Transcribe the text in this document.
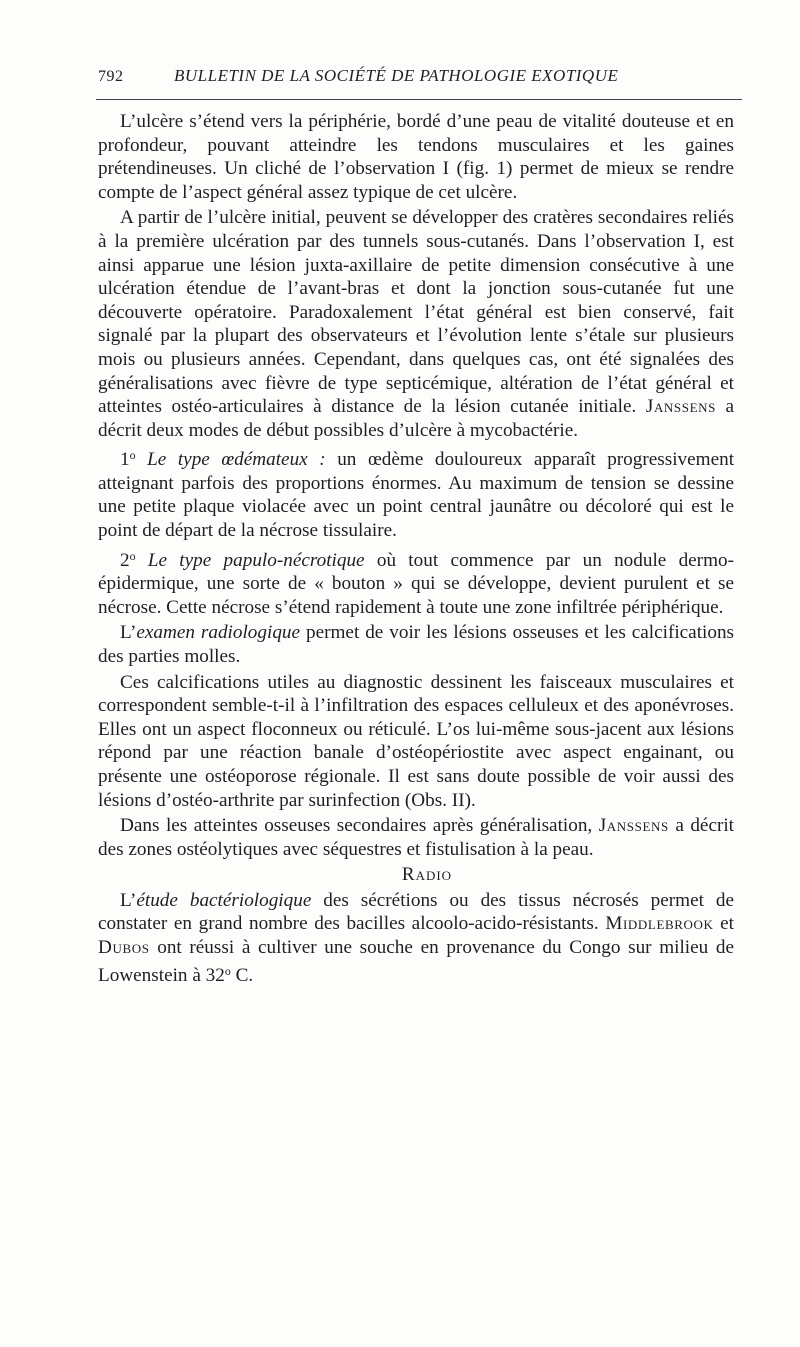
792	BULLETIN DE LA SOCIÉTÉ DE PATHOLOGIE EXOTIQUE

L’ulcère s’étend vers la périphérie, bordé d’une peau de vitalité douteuse et en profondeur, pouvant atteindre les tendons musculaires et les gaines prétendineuses. Un cliché de l’observation I (fig. 1) permet de mieux se rendre compte de l’aspect général assez typique de cet ulcère.

A partir de l’ulcère initial, peuvent se développer des cratères secondaires reliés à la première ulcération par des tunnels sous-cutanés. Dans l’observation I, est ainsi apparue une lésion juxta-axillaire de petite dimension consécutive à une ulcération étendue de l’avant-bras et dont la jonction sous-cutanée fut une découverte opératoire. Paradoxalement l’état général est bien conservé, fait signalé par la plupart des observateurs et l’évolution lente s’étale sur plusieurs mois ou plusieurs années. Cependant, dans quelques cas, ont été signalées des généralisations avec fièvre de type septicémique, altération de l’état général et atteintes ostéo-articulaires à distance de la lésion cutanée initiale. Janssens a décrit deux modes de début possibles d’ulcère à mycobactérie.

1$^o$ Le type œdémateux : un œdème douloureux apparaît progressivement atteignant parfois des proportions énormes. Au maximum de tension se dessine une petite plaque violacée avec un point central jaunâtre ou décoloré qui est le point de départ de la nécrose tissulaire.

2$^o$ Le type papulo-nécrotique où tout commence par un nodule dermo-épidermique, une sorte de « bouton » qui se développe, devient purulent et se nécrose. Cette nécrose s’étend rapidement à toute une zone infiltrée périphérique.

L’examen radiologique permet de voir les lésions osseuses et les calcifications des parties molles.

Ces calcifications utiles au diagnostic dessinent les faisceaux musculaires et correspondent semble-t-il à l’infiltration des espaces celluleux et des aponévroses. Elles ont un aspect floconneux ou réticulé. L’os lui-même sous-jacent aux lésions répond par une réaction banale d’ostéopériostite avec aspect engainant, ou présente une ostéoporose régionale. Il est sans doute possible de voir aussi des lésions d’ostéo-arthrite par surinfection (Obs. II).

Dans les atteintes osseuses secondaires après généralisation, Janssens a décrit des zones ostéolytiques avec séquestres et fistulisation à la peau.

Radio

L’étude bactériologique des sécrétions ou des tissus nécrosés permet de constater en grand nombre des bacilles alcoolo-acido-résistants. Middlebrook et Dubos ont réussi à cultiver une souche en provenance du Congo sur milieu de Lowenstein à 32$^o$ C.
